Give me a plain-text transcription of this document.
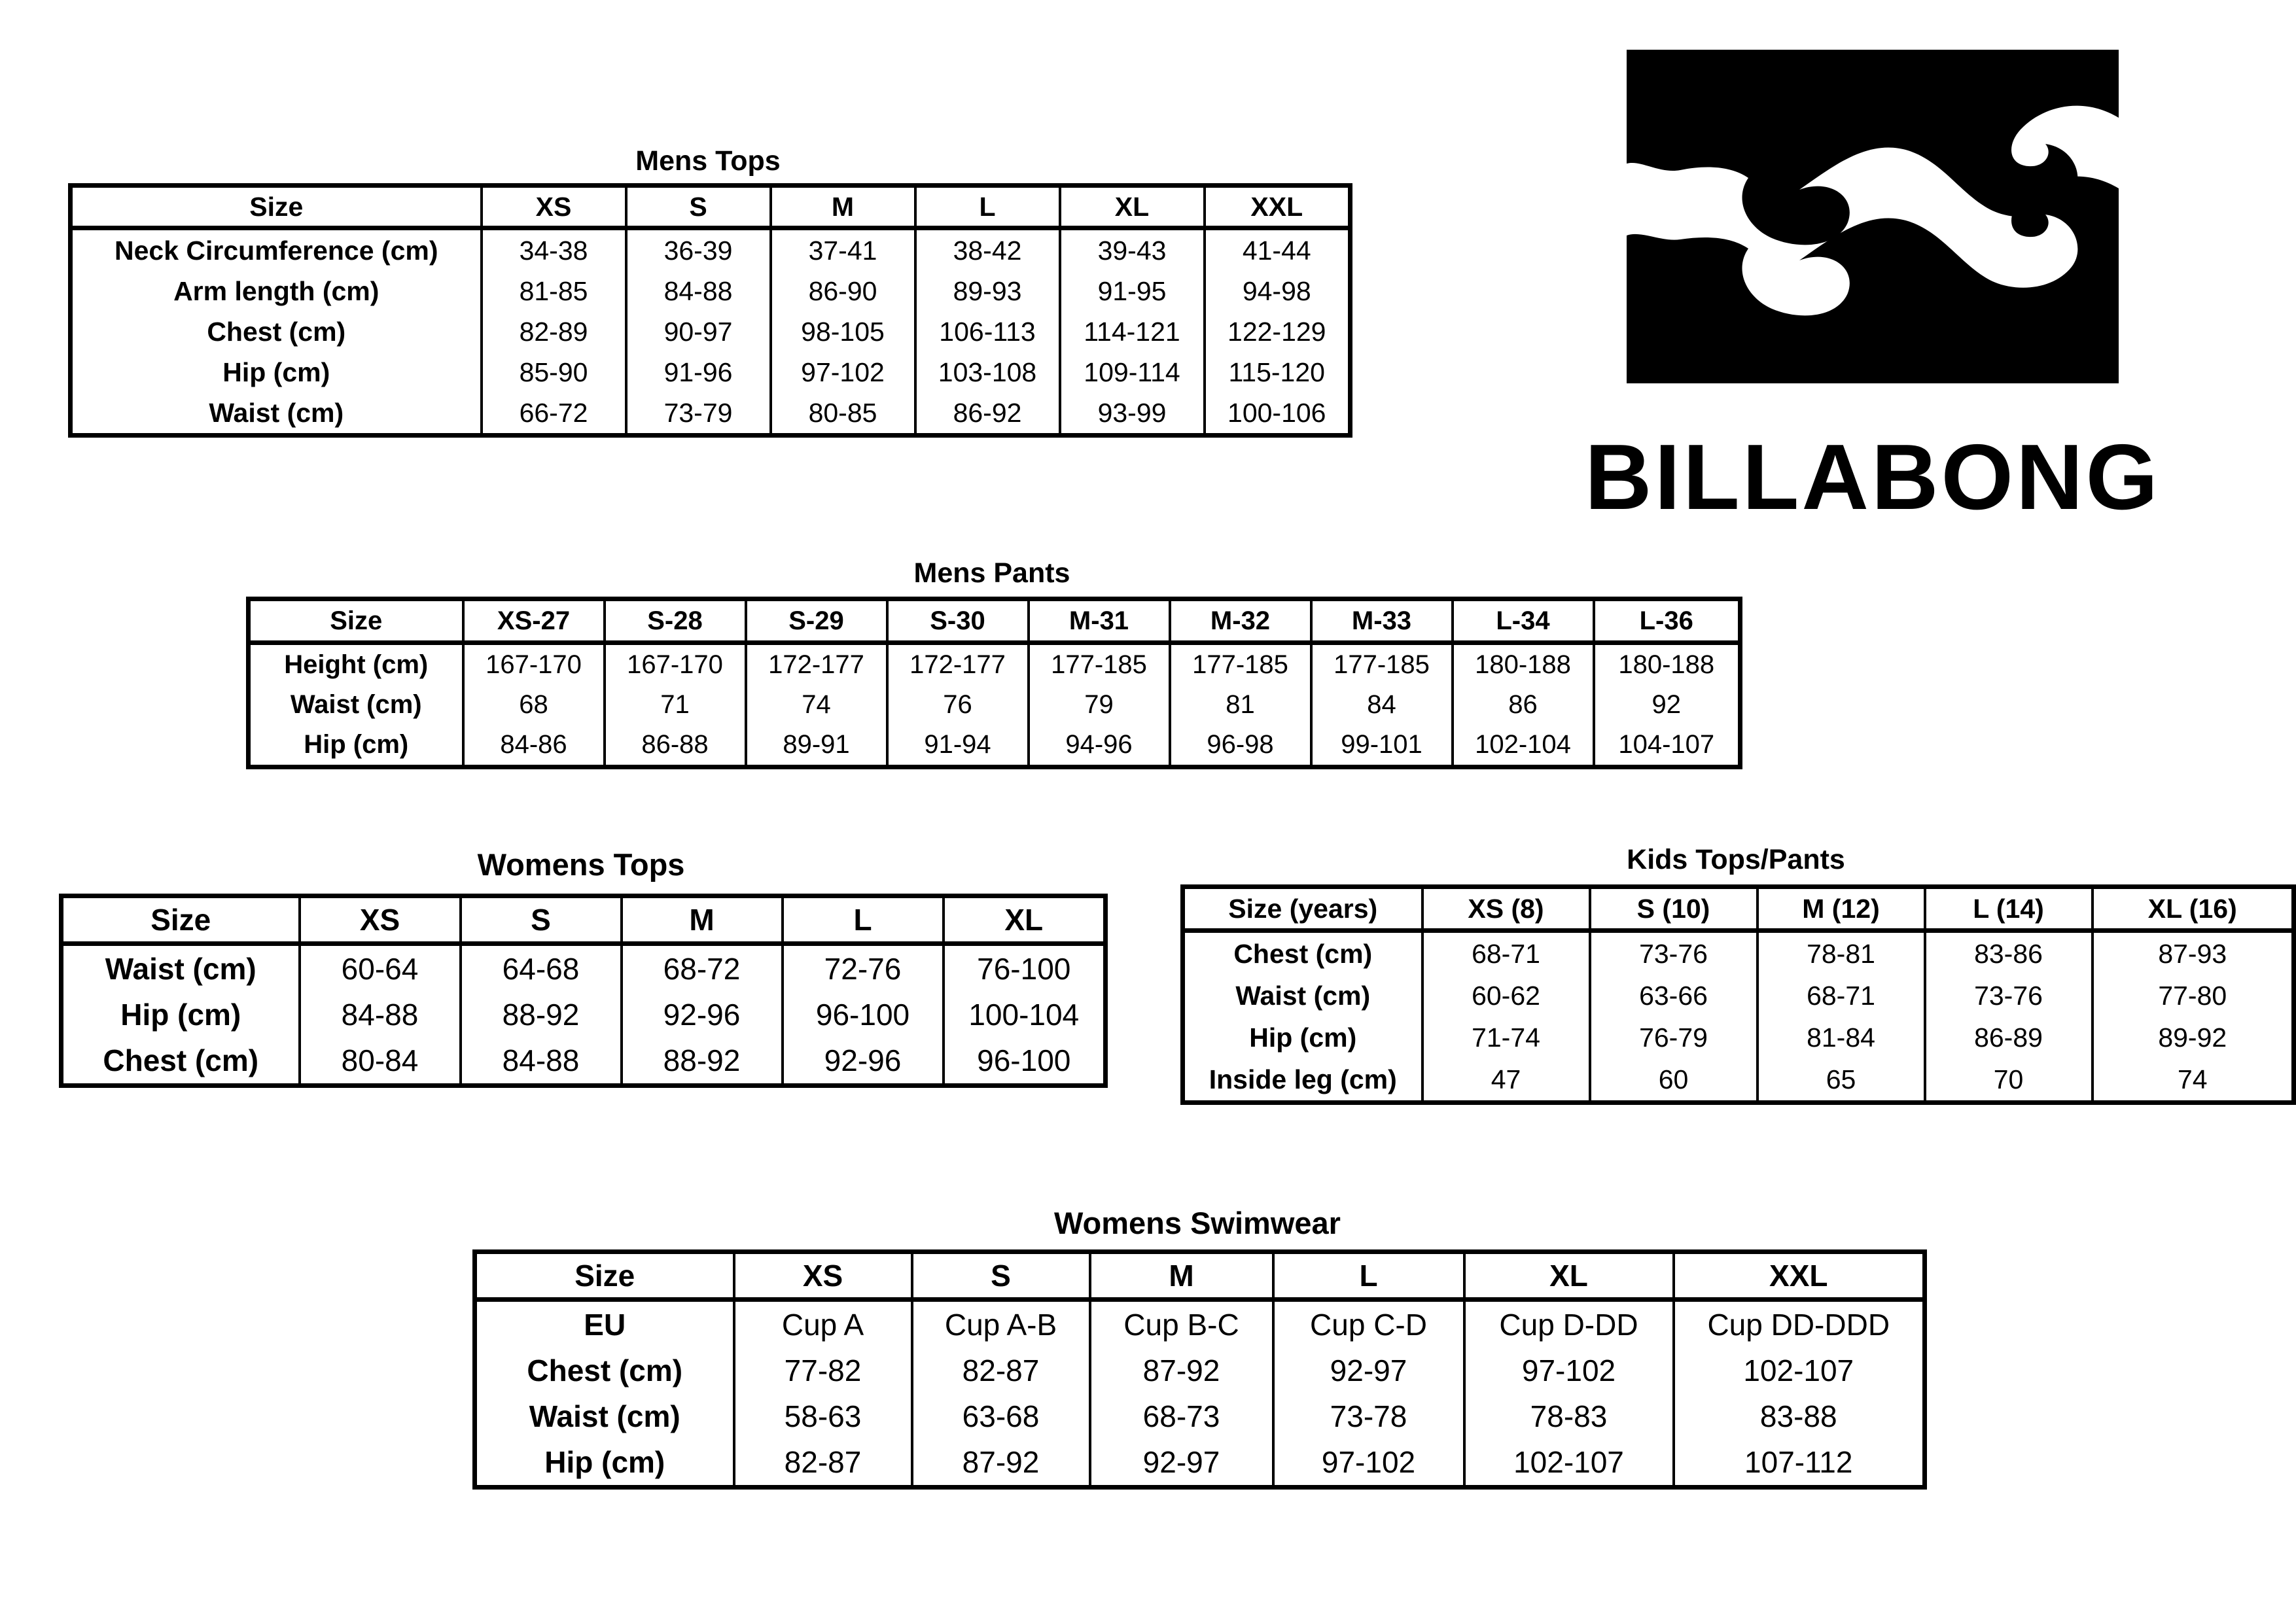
BILLABONG
Mens Tops
Size	XS	S	M	L	XL	XXL
Neck Circumference (cm)	34-38	36-39	37-41	38-42	39-43	41-44
Arm length (cm)	81-85	84-88	86-90	89-93	91-95	94-98
Chest (cm)	82-89	90-97	98-105	106-113	114-121	122-129
Hip (cm)	85-90	91-96	97-102	103-108	109-114	115-120
Waist (cm)	66-72	73-79	80-85	86-92	93-99	100-106
Mens Pants
Size	XS-27	S-28	S-29	S-30	M-31	M-32	M-33	L-34	L-36
Height (cm)	167-170	167-170	172-177	172-177	177-185	177-185	177-185	180-188	180-188
Waist (cm)	68	71	74	76	79	81	84	86	92
Hip (cm)	84-86	86-88	89-91	91-94	94-96	96-98	99-101	102-104	104-107
Womens Tops
Size	XS	S	M	L	XL
Waist (cm)	60-64	64-68	68-72	72-76	76-100
Hip (cm)	84-88	88-92	92-96	96-100	100-104
Chest (cm)	80-84	84-88	88-92	92-96	96-100
Kids Tops/Pants
Size (years)	XS (8)	S (10)	M (12)	L (14)	XL (16)
Chest (cm)	68-71	73-76	78-81	83-86	87-93
Waist (cm)	60-62	63-66	68-71	73-76	77-80
Hip (cm)	71-74	76-79	81-84	86-89	89-92
Inside leg (cm)	47	60	65	70	74
Womens Swimwear
Size	XS	S	M	L	XL	XXL
EU	Cup A	Cup A-B	Cup B-C	Cup C-D	Cup D-DD	Cup DD-DDD
Chest (cm)	77-82	82-87	87-92	92-97	97-102	102-107
Waist (cm)	58-63	63-68	68-73	73-78	78-83	83-88
Hip (cm)	82-87	87-92	92-97	97-102	102-107	107-112
